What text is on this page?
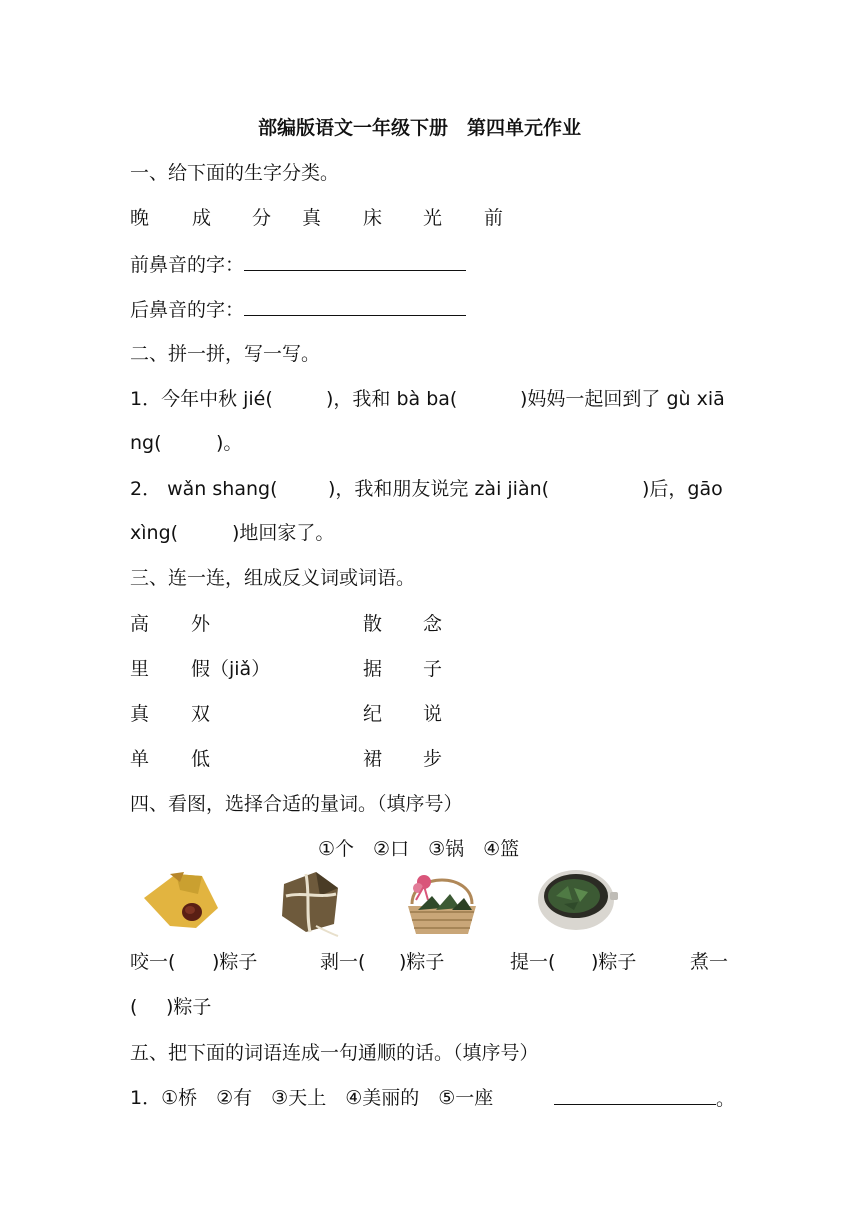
部编版语文一年级下册　第四单元作业
一、给下面的生字分类。
晚 成 分 真 床 光 前
前鼻音的字：
后鼻音的字：
二、拼一拼，写一写。
1．今年中秋 jié(	)，我和 bà ba(	)妈妈一起回到了 gù xiā
ng(	)。
2． wǎn shang(	)，我和朋友说完 zài jiàn(	)后，gāo
xìng(	)地回家了。
三、连一连，组成反义词或词语。
高 外	散 念
里 假（jiǎ）	据 子
真 双	纪 说
单 低	裙 步
四、看图，选择合适的量词。（填序号）
①个　②口　③锅　④篮
咬一( )粽子	剥一( )粽子	提一( )粽子	煮一
( )粽子
五、把下面的词语连成一句通顺的话。（填序号）
1．①桥　②有　③天上　④美丽的　⑤一座	。
